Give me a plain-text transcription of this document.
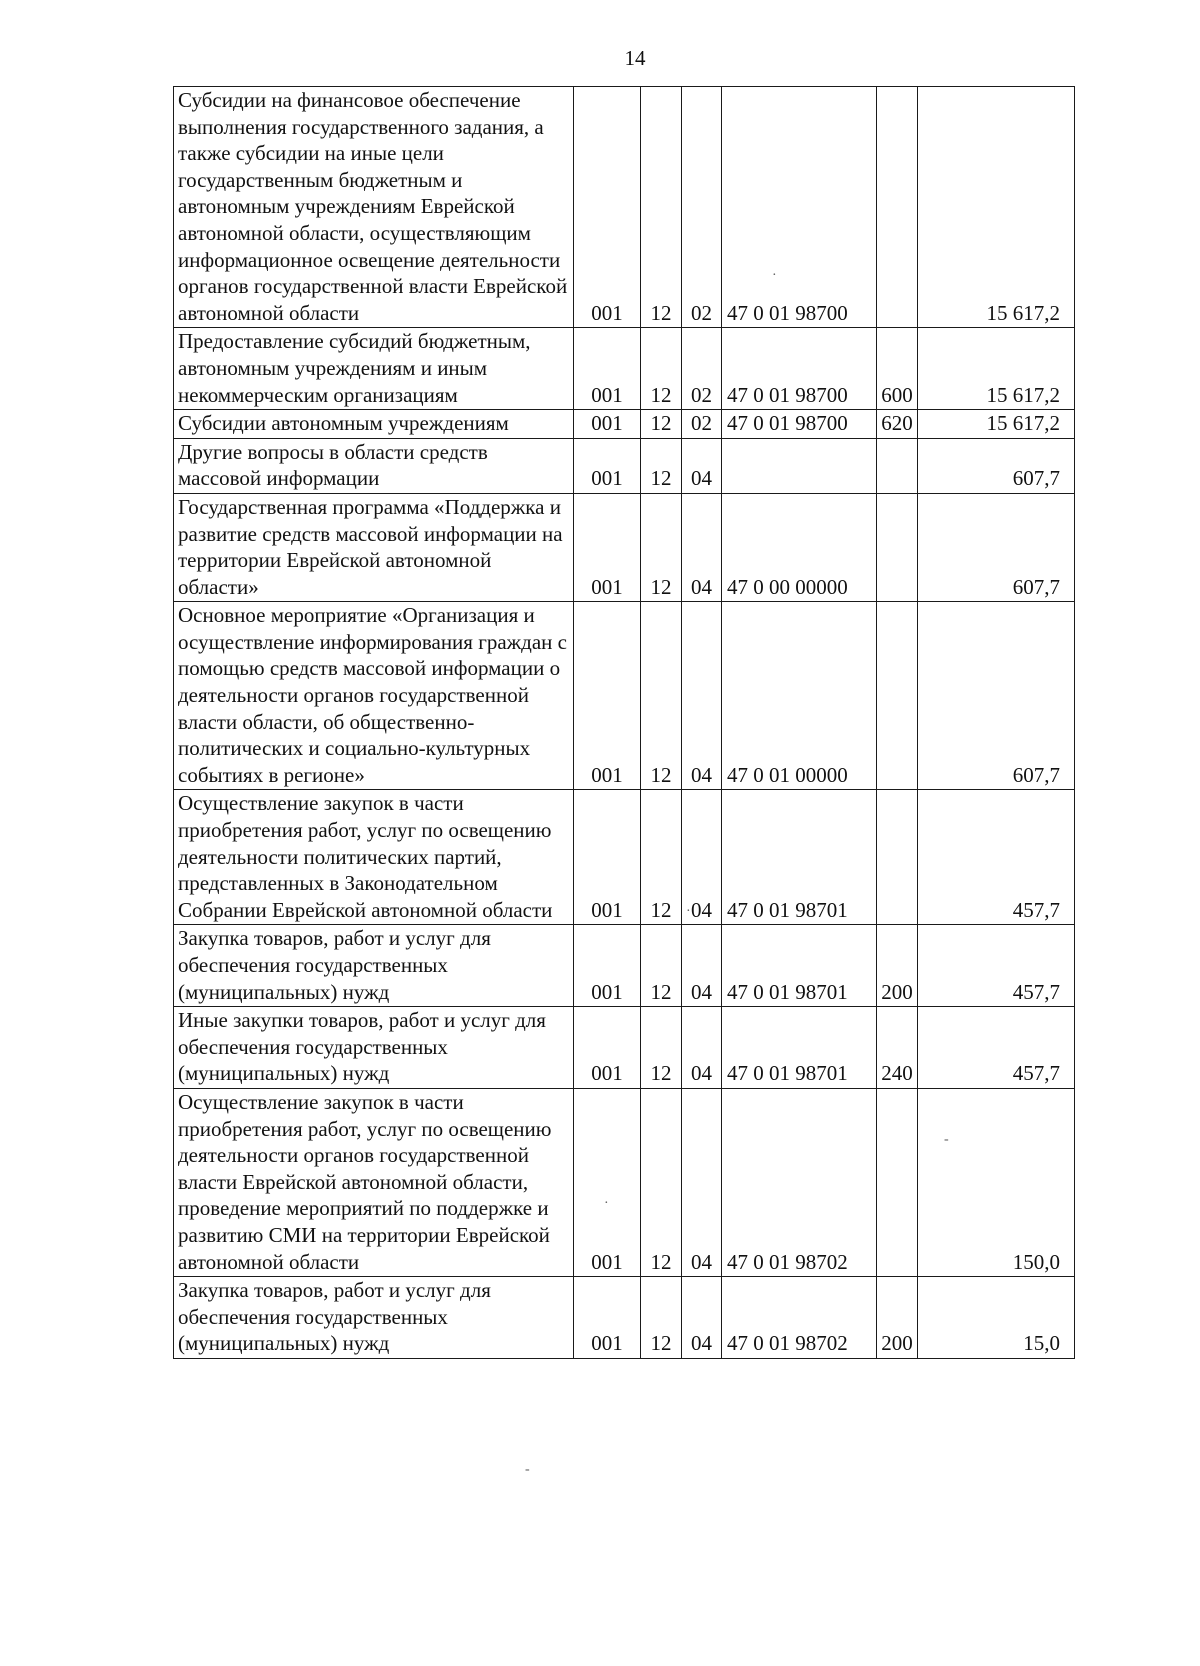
14
Субсидии на финансовое обеспечение выполнения государственного задания, а также субсидии на иные цели государственным бюджетным и автономным учреждениям Еврейской автономной области, осуществляющим информационное освещение деятельности органов государственной власти Еврейской автономной области	001	12	02	47 0 01 98700		15 617,2
Предоставление субсидий бюджетным, автономным учреждениям и иным некоммерческим организациям	001	12	02	47 0 01 98700	600	15 617,2
Субсидии автономным учреждениям	001	12	02	47 0 01 98700	620	15 617,2
Другие вопросы в области средств массовой информации	001	12	04			607,7
Государственная программа «Поддержка и развитие средств массовой информации на территории Еврейской автономной области»	001	12	04	47 0 00 00000		607,7
Основное мероприятие «Организация и осуществление информирования граждан с помощью средств массовой информации о деятельности органов государственной власти области, об общественно-политических и социально-культурных событиях в регионе»	001	12	04	47 0 01 00000		607,7
Осуществление закупок в части приобретения работ, услуг по освещению деятельности политических партий, представленных в Законодательном Собрании Еврейской автономной области	001	12	04	47 0 01 98701		457,7
Закупка товаров, работ и услуг для обеспечения государственных (муниципальных) нужд	001	12	04	47 0 01 98701	200	457,7
Иные закупки товаров, работ и услуг для обеспечения государственных (муниципальных) нужд	001	12	04	47 0 01 98701	240	457,7
Осуществление закупок в части приобретения работ, услуг по освещению деятельности органов государственной власти Еврейской автономной области, проведение мероприятий по поддержке и развитию СМИ на территории Еврейской автономной области	001	12	04	47 0 01 98702		150,0
Закупка товаров, работ и услуг для обеспечения государственных (муниципальных) нужд	001	12	04	47 0 01 98702	200	15,0
·
·
·
-
-
